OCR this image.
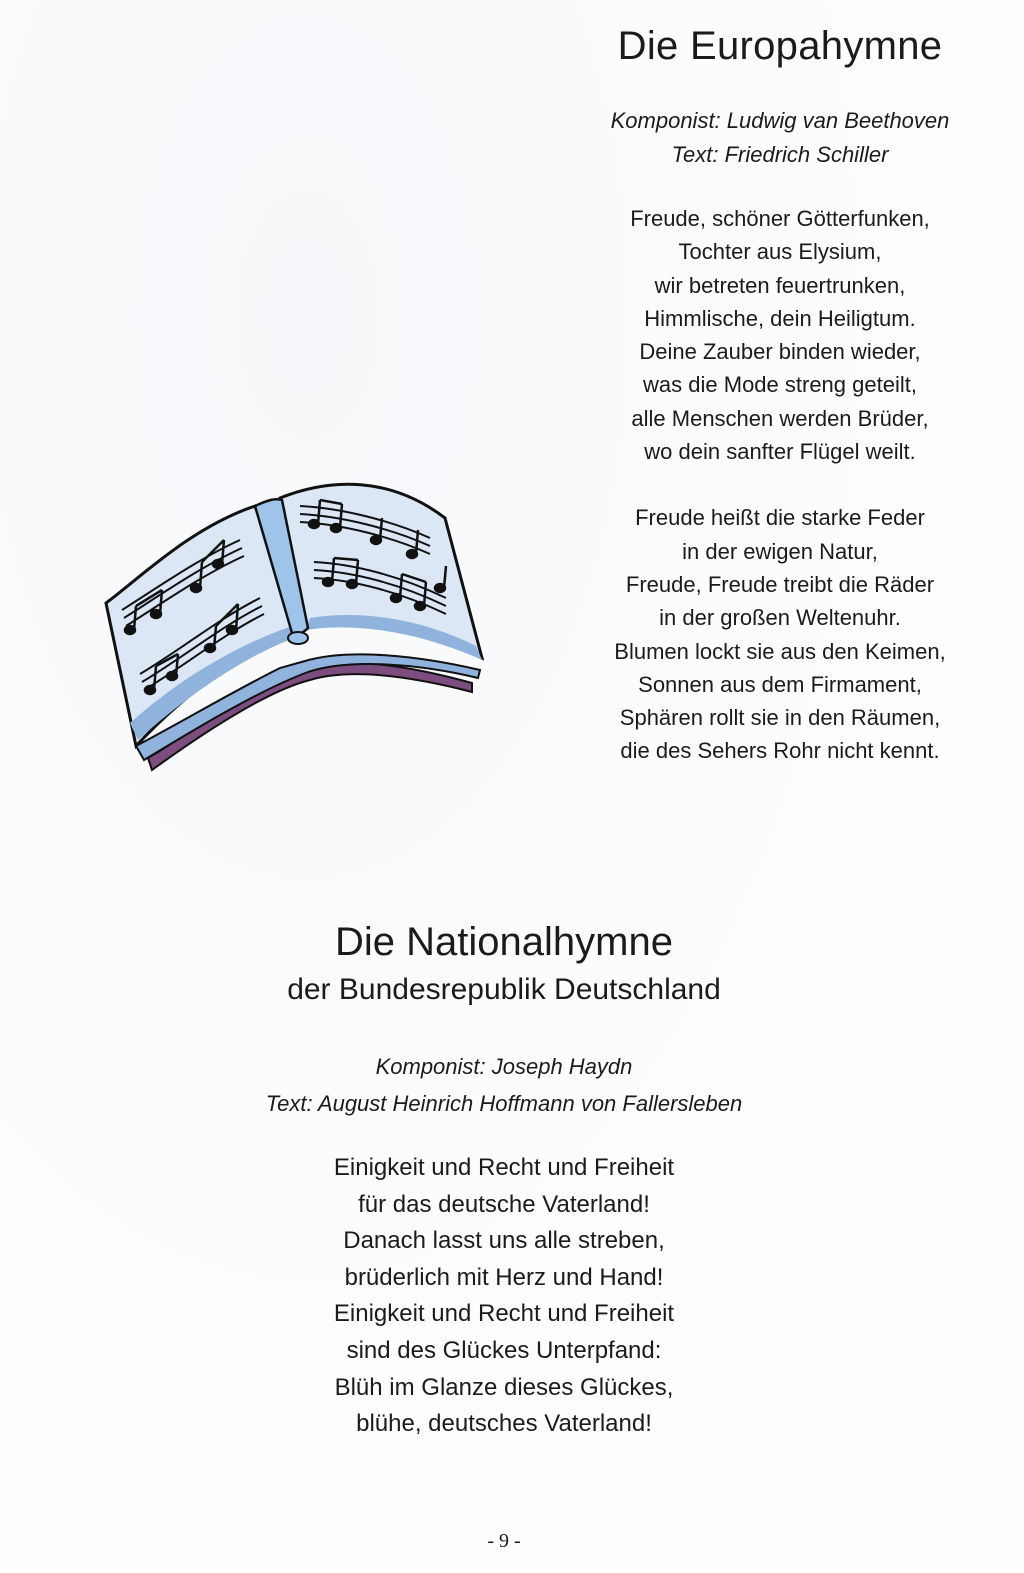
Die Europahymne
Komponist: Ludwig van Beethoven
Text: Friedrich Schiller
Freude, schöner Götterfunken,
Tochter aus Elysium,
wir betreten feuertrunken,
Himmlische, dein Heiligtum.
Deine Zauber binden wieder,
was die Mode streng geteilt,
alle Menschen werden Brüder,
wo dein sanfter Flügel weilt.
Freude heißt die starke Feder
in der ewigen Natur,
Freude, Freude treibt die Räder
in der großen Weltenuhr.
Blumen lockt sie aus den Keimen,
Sonnen aus dem Firmament,
Sphären rollt sie in den Räumen,
die des Sehers Rohr nicht kennt.
Die Nationalhymne
der Bundesrepublik Deutschland
Komponist: Joseph Haydn
Text: August Heinrich Hoffmann von Fallersleben
Einigkeit und Recht und Freiheit
für das deutsche Vaterland!
Danach lasst uns alle streben,
brüderlich mit Herz und Hand!
Einigkeit und Recht und Freiheit
sind des Glückes Unterpfand:
Blüh im Glanze dieses Glückes,
blühe, deutsches Vaterland!
- 9 -
